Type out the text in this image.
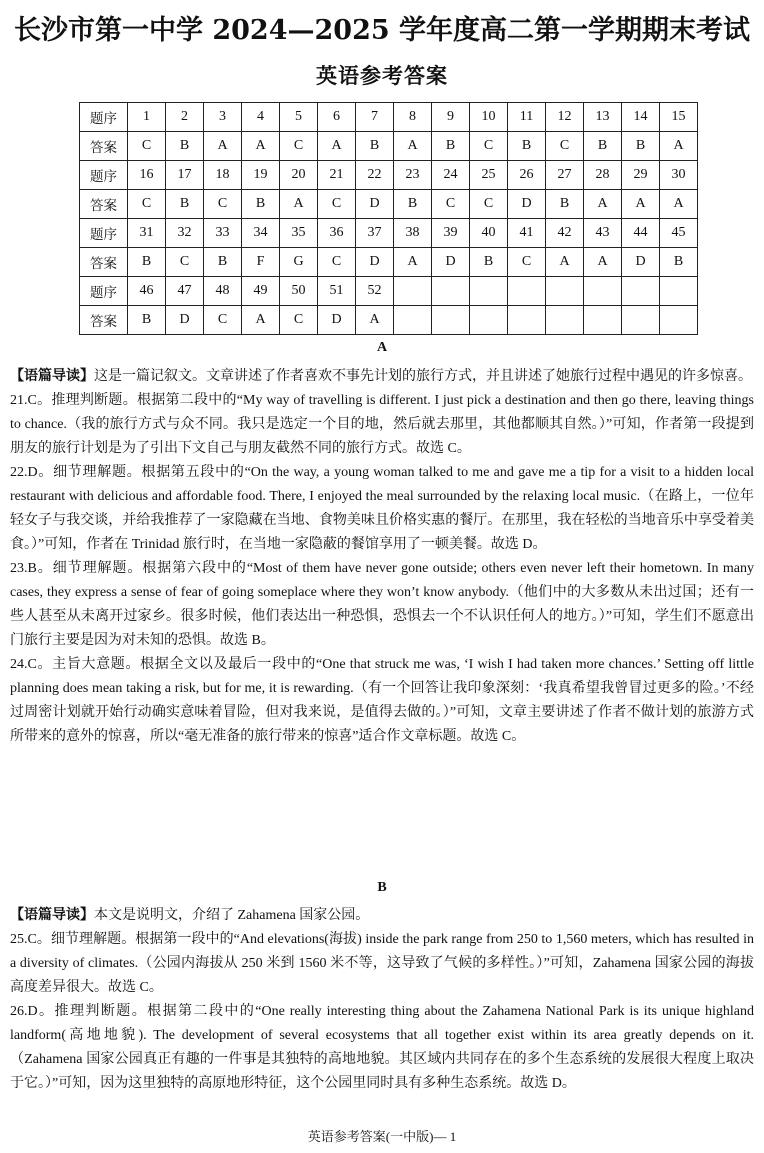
长沙市第一中学 2024—2025 学年度高二第一学期期末考试
英语参考答案
题序	1	2	3	4	5	6	7	8	9	10	11	12	13	14	15
答案	C	B	A	A	C	A	B	A	B	C	B	C	B	B	A
题序	16	17	18	19	20	21	22	23	24	25	26	27	28	29	30
答案	C	B	C	B	A	C	D	B	C	C	D	B	A	A	A
题序	31	32	33	34	35	36	37	38	39	40	41	42	43	44	45
答案	B	C	B	F	G	C	D	A	D	B	C	A	A	D	B
题序	46	47	48	49	50	51	52								
答案	B	D	C	A	C	D	A								
A

【语篇导读】这是一篇记叙文。文章讲述了作者喜欢不事先计划的旅行方式，并且讲述了她旅行过程中遇见的许多惊喜。

21.C。推理判断题。根据第二段中的“My way of travelling is different. I just pick a destination and then go there, leaving things to chance.（我的旅行方式与众不同。我只是选定一个目的地，然后就去那里，其他都顺其自然。）”可知，作者第一段提到朋友的旅行计划是为了引出下文自己与朋友截然不同的旅行方式。故选 C。

22.D。细节理解题。根据第五段中的“On the way, a young woman talked to me and gave me a tip for a visit to a hidden local restaurant with delicious and affordable food. There, I enjoyed the meal surrounded by the relaxing local music.（在路上，一位年轻女子与我交谈，并给我推荐了一家隐藏在当地、食物美味且价格实惠的餐厅。在那里，我在轻松的当地音乐中享受着美食。）”可知，作者在 Trinidad 旅行时，在当地一家隐蔽的餐馆享用了一顿美餐。故选 D。

23.B。细节理解题。根据第六段中的“Most of them have never gone outside; others even never left their hometown. In many cases, they express a sense of fear of going someplace where they won’t know anybody.（他们中的大多数从未出过国；还有一些人甚至从未离开过家乡。很多时候，他们表达出一种恐惧，恐惧去一个不认识任何人的地方。）”可知，学生们不愿意出门旅行主要是因为对未知的恐惧。故选 B。

24.C。主旨大意题。根据全文以及最后一段中的“One that struck me was, ‘I wish I had taken more chances.’ Setting off little planning does mean taking a risk, but for me, it is rewarding.（有一个回答让我印象深刻：‘我真希望我曾冒过更多的险。’不经过周密计划就开始行动确实意味着冒险，但对我来说，是值得去做的。）”可知，文章主要讲述了作者不做计划的旅游方式所带来的意外的惊喜，所以“毫无准备的旅行带来的惊喜”适合作文章标题。故选 C。

B

【语篇导读】本文是说明文，介绍了 Zahamena 国家公园。

25.C。细节理解题。根据第一段中的“And elevations(海拔) inside the park range from 250 to 1,560 meters, which has resulted in a diversity of climates.（公园内海拔从 250 米到 1560 米不等，这导致了气候的多样性。）”可知，Zahamena 国家公园的海拔高度差异很大。故选 C。

26.D。推理判断题。根据第二段中的“One really interesting thing about the Zahamena National Park is its unique highland landform(高地地貌). The development of several ecosystems that all together exist within its area greatly depends on it.（Zahamena 国家公园真正有趣的一件事是其独特的高地地貌。其区域内共同存在的多个生态系统的发展很大程度上取决于它。）”可知，因为这里独特的高原地形特征，这个公园里同时具有多种生态系统。故选 D。

英语参考答案(一中版)— 1
